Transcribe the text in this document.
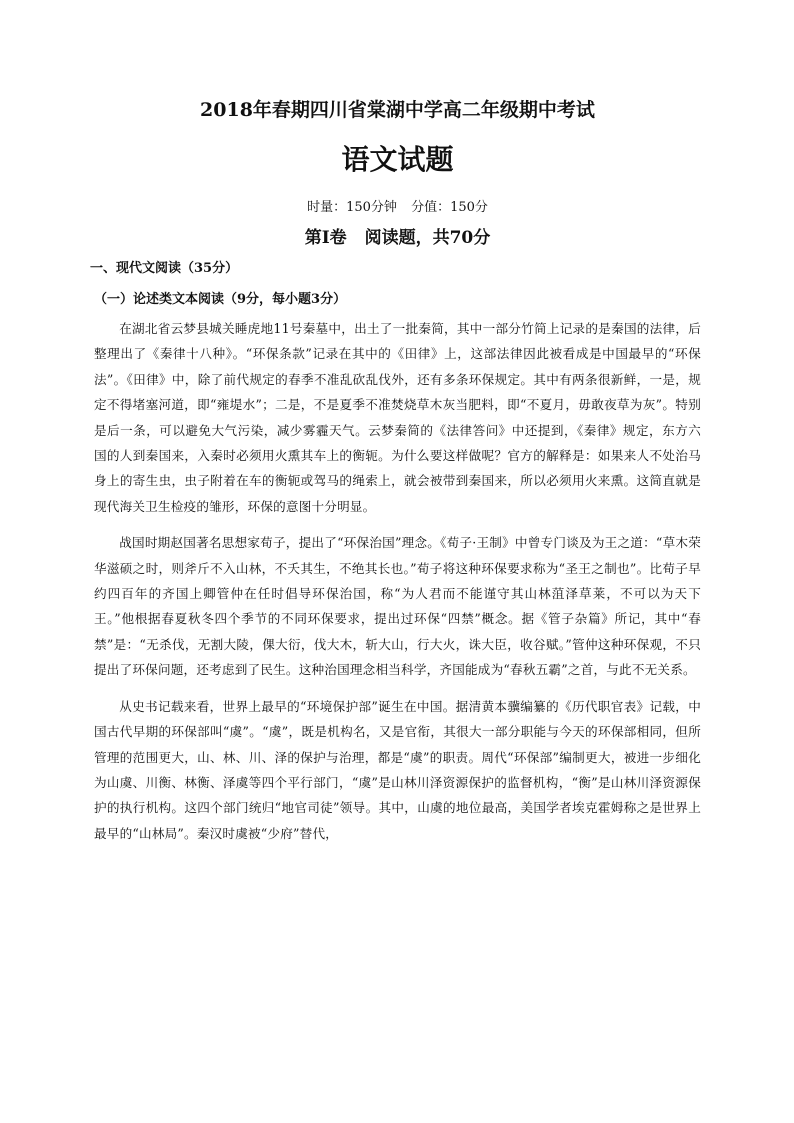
2018年春期四川省棠湖中学高二年级期中考试
语文试题
时量：150分钟 分值：150分
第Ⅰ卷 阅读题，共70分
一、现代文阅读（35分）
（一）论述类文本阅读（9分，每小题3分）

在湖北省云梦县城关睡虎地11号秦墓中，出土了一批秦简，其中一部分竹简上记录的是秦国的法律，后整理出了《秦律十八种》。“环保条款”记录在其中的《田律》上，这部法律因此被看成是中国最早的“环保法”。《田律》中，除了前代规定的春季不准乱砍乱伐外，还有多条环保规定。其中有两条很新鲜，一是，规定不得堵塞河道，即“雍堤水”；二是，不是夏季不准焚烧草木灰当肥料，即“不夏月，毋敢夜草为灰”。特别是后一条，可以避免大气污染，减少雾霾天气。云梦秦简的《法律答问》中还提到，《秦律》规定，东方六国的人到秦国来，入秦时必须用火熏其车上的衡轭。为什么要这样做呢？官方的解释是：如果来人不处治马身上的寄生虫，虫子附着在车的衡轭或驾马的绳索上，就会被带到秦国来，所以必须用火来熏。这简直就是现代海关卫生检疫的雏形，环保的意图十分明显。

战国时期赵国著名思想家荀子，提出了“环保治国”理念。《荀子·王制》中曾专门谈及为王之道：“草木荣华滋硕之时，则斧斤不入山林，不夭其生，不绝其长也。”荀子将这种环保要求称为“圣王之制也”。比荀子早约四百年的齐国上卿管仲在任时倡导环保治国，称“为人君而不能谨守其山林菹泽草莱，不可以为天下王。”他根据春夏秋冬四个季节的不同环保要求，提出过环保“四禁”概念。据《管子杂篇》所记，其中“春禁”是：“无杀伐，无割大陵，倮大衍，伐大木，斩大山，行大火，诛大臣，收谷赋。”管仲这种环保观，不只提出了环保问题，还考虑到了民生。这种治国理念相当科学，齐国能成为“春秋五霸”之首，与此不无关系。

从史书记载来看，世界上最早的“环境保护部”诞生在中国。据清黄本骥编纂的《历代职官表》记载，中国古代早期的环保部叫“虞”。“虞”，既是机构名，又是官衔，其很大一部分职能与今天的环保部相同，但所管理的范围更大，山、林、川、泽的保护与治理，都是“虞”的职责。周代“环保部”编制更大，被进一步细化为山虞、川衡、林衡、泽虞等四个平行部门，“虞”是山林川泽资源保护的监督机构，“衡”是山林川泽资源保护的执行机构。这四个部门统归“地官司徒”领导。其中，山虞的地位最高，美国学者埃克霍姆称之是世界上最早的“山林局”。秦汉时虞被“少府”替代，
